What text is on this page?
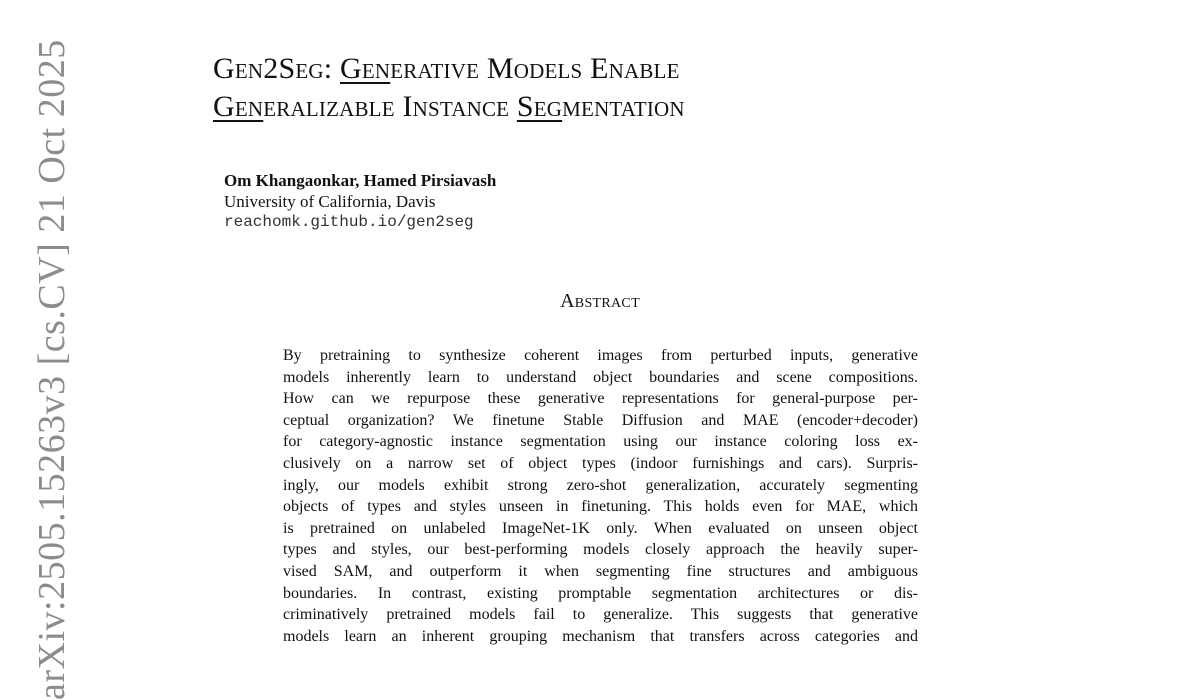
Gen2Seg: Generative Models Enable
Generalizable Instance Segmentation
Om Khangaonkar, Hamed Pirsiavash
University of California, Davis
reachomk.github.io/gen2seg
Abstract
By pretraining to synthesize coherent images from perturbed inputs, generative
models inherently learn to understand object boundaries and scene compositions.
How can we repurpose these generative representations for general-purpose per-
ceptual organization? We finetune Stable Diffusion and MAE (encoder+decoder)
for category-agnostic instance segmentation using our instance coloring loss ex-
clusively on a narrow set of object types (indoor furnishings and cars). Surpris-
ingly, our models exhibit strong zero-shot generalization, accurately segmenting
objects of types and styles unseen in finetuning. This holds even for MAE, which
is pretrained on unlabeled ImageNet-1K only. When evaluated on unseen object
types and styles, our best-performing models closely approach the heavily super-
vised SAM, and outperform it when segmenting fine structures and ambiguous
boundaries. In contrast, existing promptable segmentation architectures or dis-
criminatively pretrained models fail to generalize. This suggests that generative
models learn an inherent grouping mechanism that transfers across categories and
arXiv:2505.15263v3 [cs.CV] 21 Oct 2025
